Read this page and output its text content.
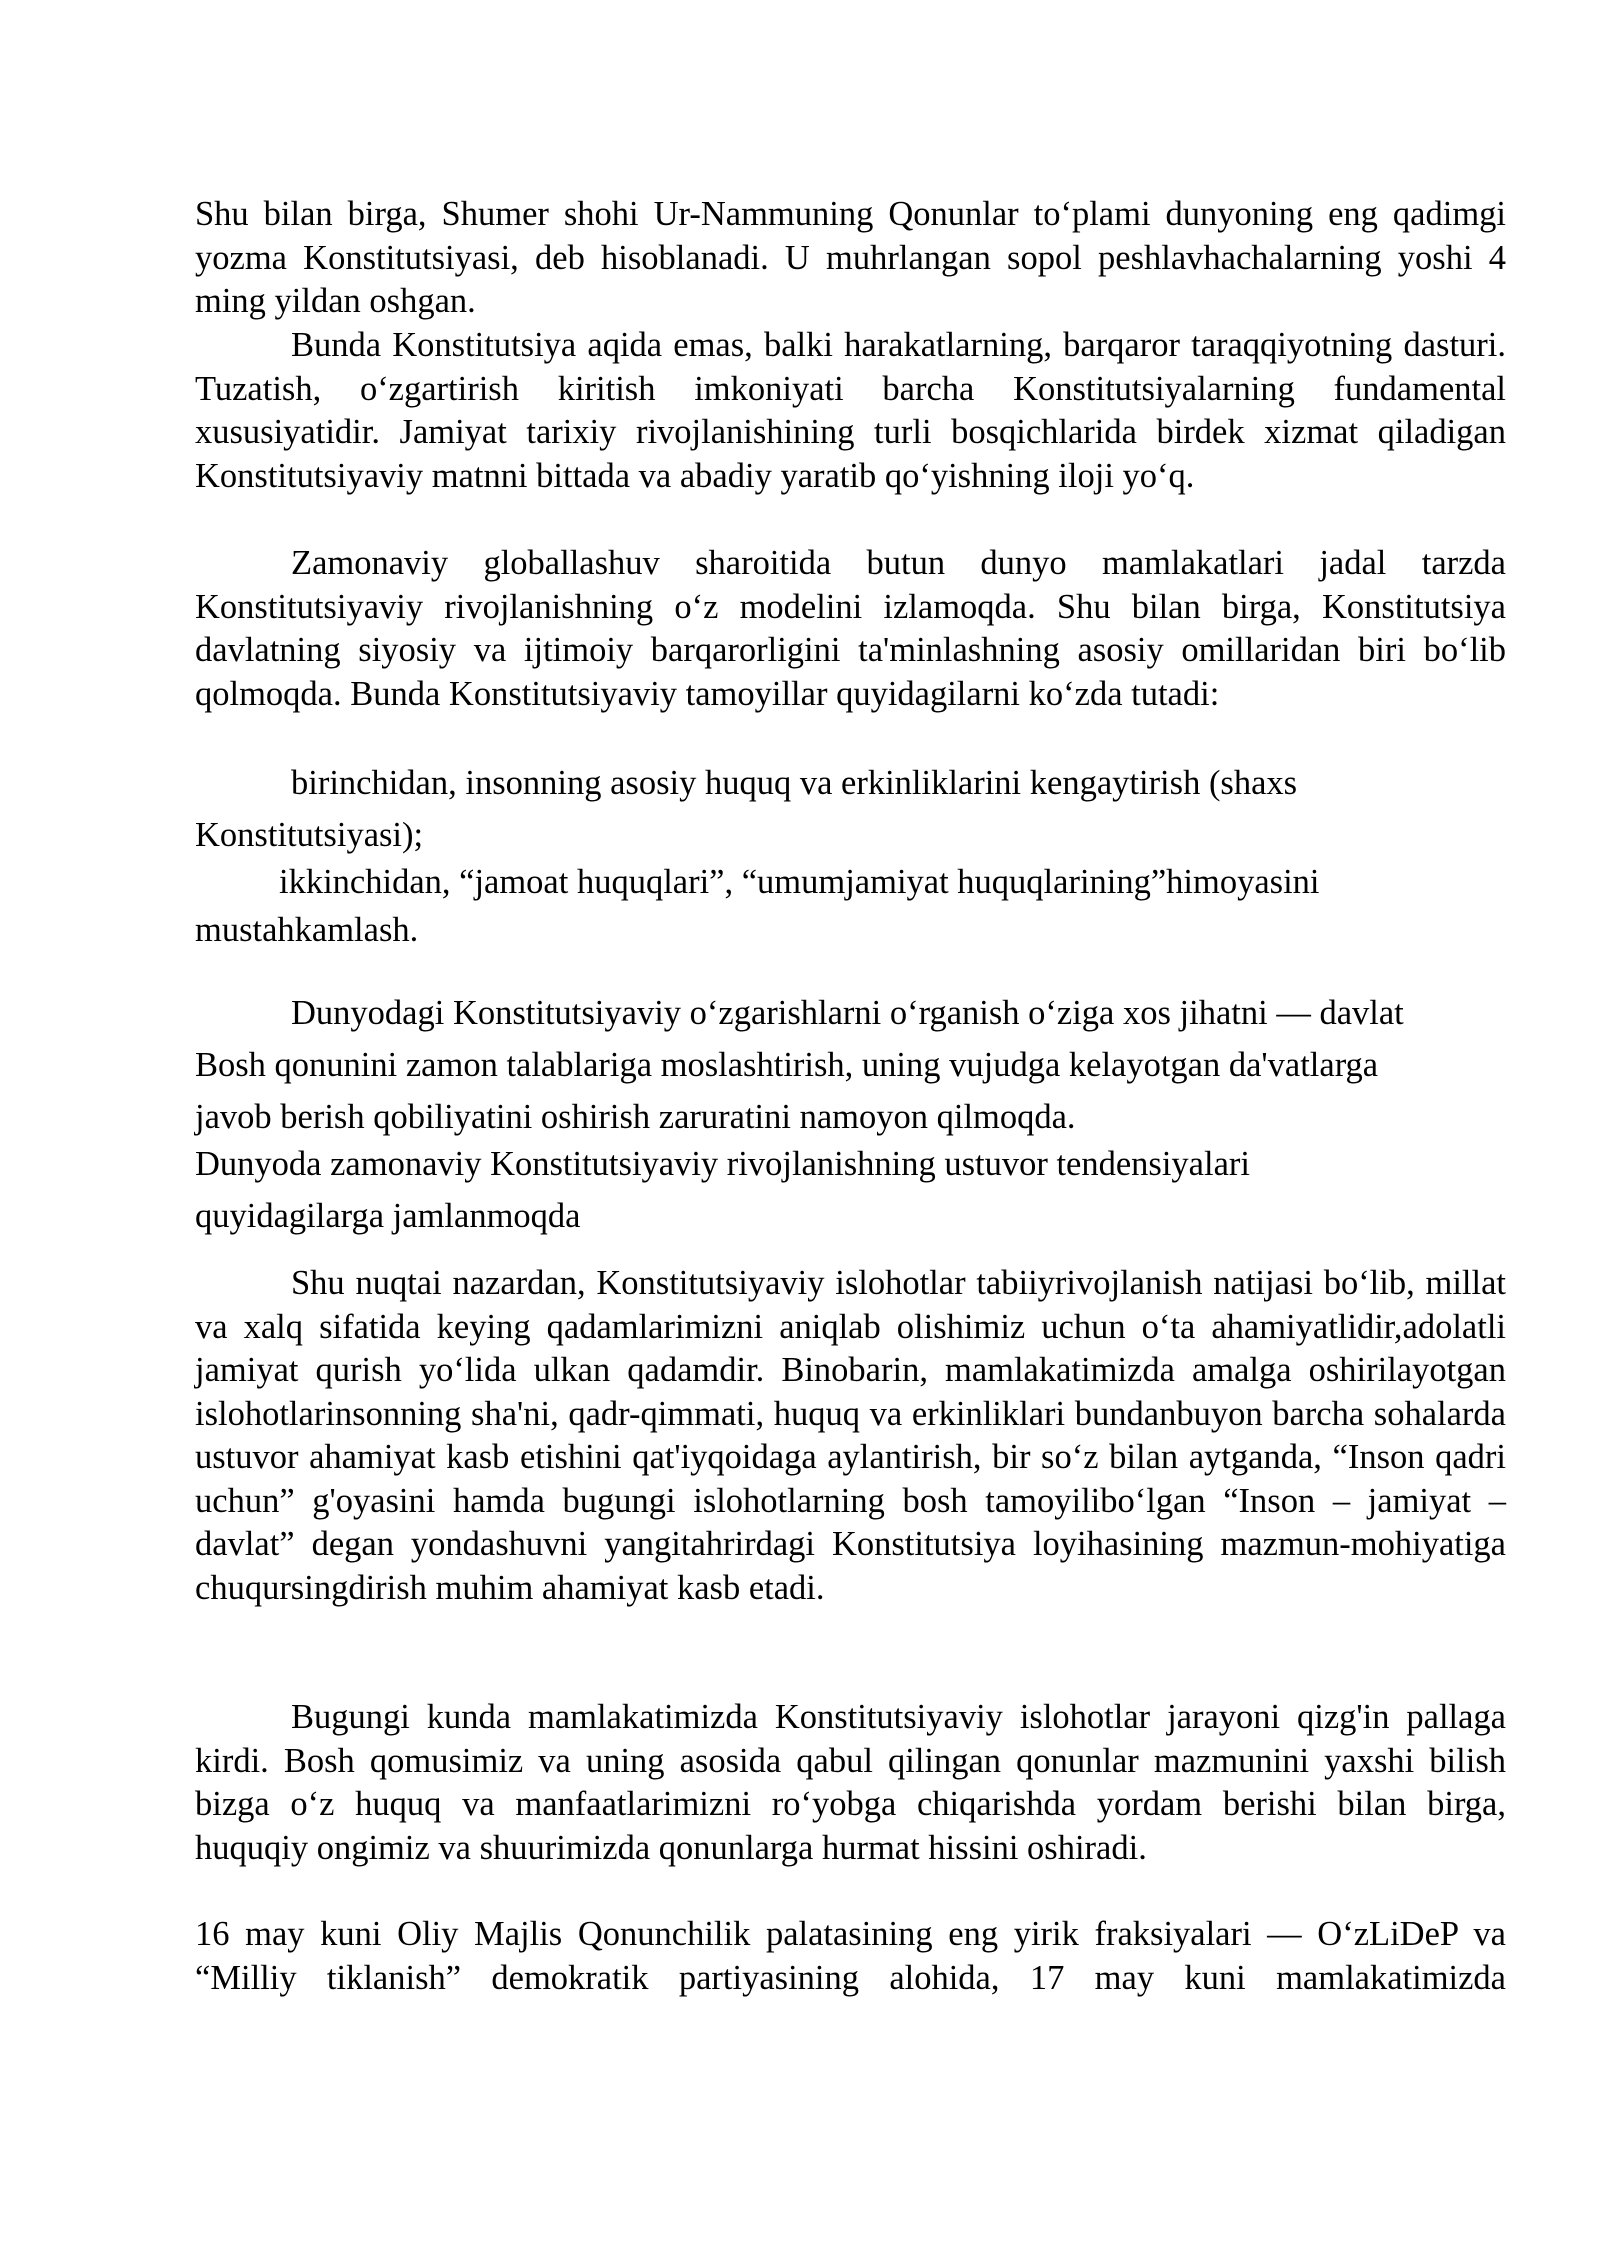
Shu bilan birga, Shumer shohi Ur-Nammuning Qonunlar to‘plami dunyoning eng qadimgi yozma Konstitutsiyasi, deb hisoblanadi. U muhrlangan sopol peshlavhachalarning yoshi 4 ming yildan oshgan.

Bunda Konstitutsiya aqida emas, balki harakatlarning, barqaror taraqqiyotning dasturi. Tuzatish, o‘zgartirish kiritish imkoniyati barcha Konstitutsiyalarning fundamental xususiyatidir. Jamiyat tarixiy rivojlanishining turli bosqichlarida birdek xizmat qiladigan Konstitutsiyaviy matnni bittada va abadiy yaratib qo‘yishning iloji yo‘q.

Zamonaviy globallashuv sharoitida butun dunyo mamlakatlari jadal tarzda Konstitutsiyaviy rivojlanishning o‘z modelini izlamoqda. Shu bilan birga, Konstitutsiya davlatning siyosiy va ijtimoiy barqarorligini ta'minlashning asosiy omillaridan biri bo‘lib qolmoqda. Bunda Konstitutsiyaviy tamoyillar quyidagilarni ko‘zda tutadi:

birinchidan, insonning asosiy huquq va erkinliklarini kengaytirish (shaxs

Konstitutsiyasi);

ikkinchidan, “jamoat huquqlari”, “umumjamiyat huquqlarining”himoyasini

mustahkamlash.

Dunyodagi Konstitutsiyaviy o‘zgarishlarni o‘rganish o‘ziga xos jihatni — davlat

Bosh qonunini zamon talablariga moslashtirish, uning vujudga kelayotgan da'vatlarga

javob berish qobiliyatini oshirish zaruratini namoyon qilmoqda.

Dunyoda zamonaviy Konstitutsiyaviy rivojlanishning ustuvor tendensiyalari

quyidagilarga jamlanmoqda

Shu nuqtai nazardan, Konstitutsiyaviy islohotlar tabiiyrivojlanish natijasi bo‘lib, millat va xalq sifatida keying qadamlarimizni aniqlab olishimiz uchun o‘ta ahamiyatlidir,adolatli jamiyat qurish yo‘lida ulkan qadamdir. Binobarin, mamlakatimizda amalga oshirilayotgan islohotlarinsonning sha'ni, qadr-qimmati, huquq va erkinliklari bundanbuyon barcha sohalarda ustuvor ahamiyat kasb etishini qat'iyqoidaga aylantirish, bir so‘z bilan aytganda, “Inson qadri uchun” g'oyasini hamda bugungi islohotlarning bosh tamoyilibo‘lgan “Inson – jamiyat – davlat” degan yondashuvni yangitahrirdagi Konstitutsiya loyihasining mazmun-mohiyatiga chuqursingdirish muhim ahamiyat kasb etadi.

Bugungi kunda mamlakatimizda Konstitutsiyaviy islohotlar jarayoni qizg'in pallaga kirdi. Bosh qomusimiz va uning asosida qabul qilingan qonunlar mazmunini yaxshi bilish bizga o‘z huquq va manfaatlarimizni ro‘yobga chiqarishda yordam berishi bilan birga, huquqiy ongimiz va shuurimizda qonunlarga hurmat hissini oshiradi.

16 may kuni Oliy Majlis Qonunchilik palatasining eng yirik fraksiyalari — O‘zLiDeP va “Milliy tiklanish” demokratik partiyasining alohida, 17 may kuni mamlakatimizda
